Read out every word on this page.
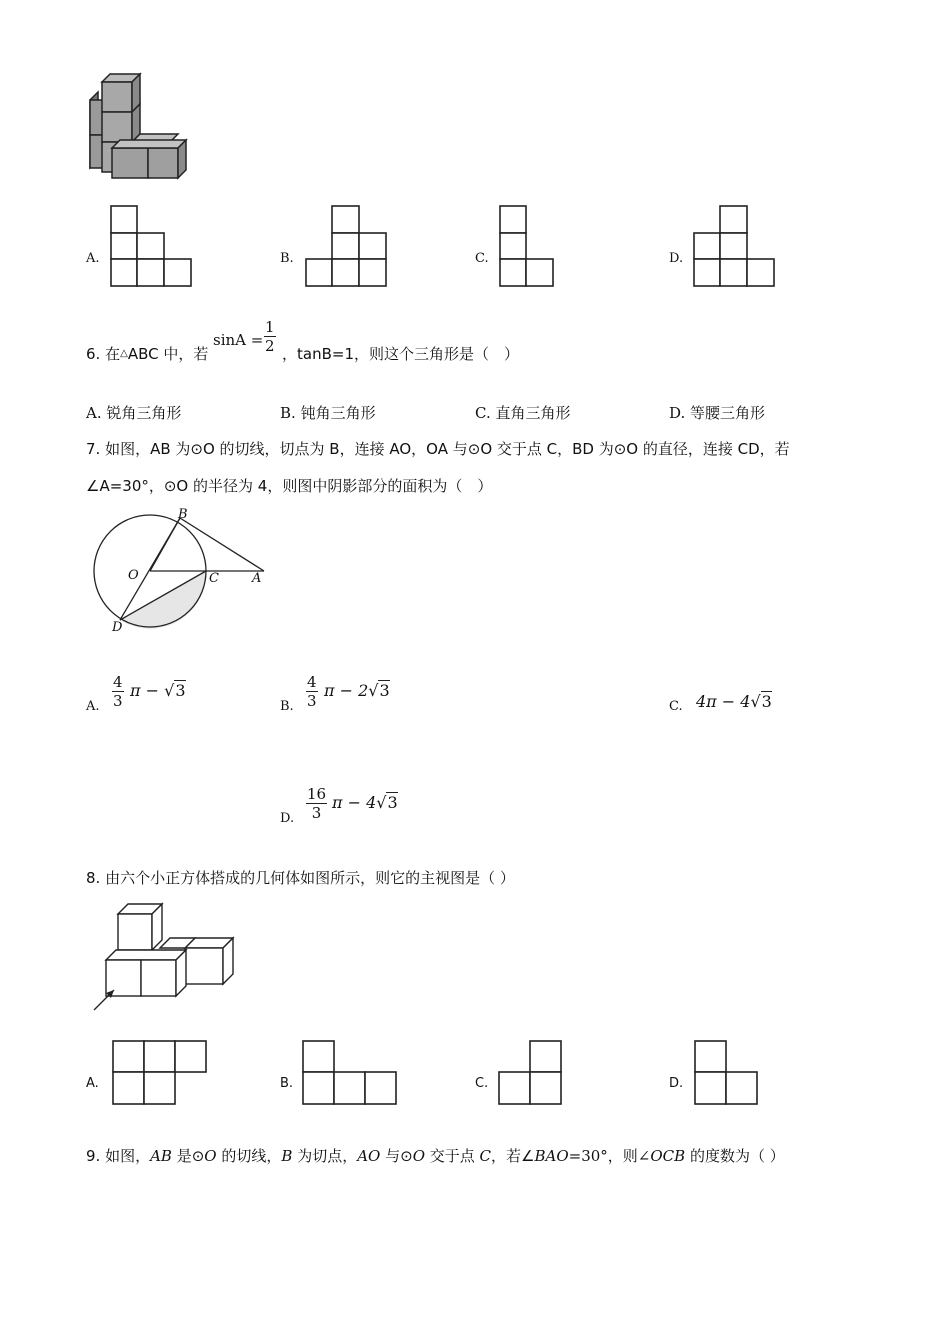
A.	B.	C.	D.
6. 在△ABC 中，若
$\sin A = \frac{1}{2}$ ，tanB=1，则这个三角形是（　）
A. 锐角三角形	B. 钝角三角形	C. 直角三角形	D. 等腰三角形
7. 如图，AB 为⊙O 的切线，切点为 B，连接 AO，OA 与⊙O 交于点 C，BD 为⊙O 的直径，连接 CD，若
∠A=30°，⊙O 的半径为 4，则图中阴影部分的面积为（　）
B
O	C	A
D
A. $\frac{4}{3}$ π − √3
B. $\frac{4}{3}$ π − 2√3
C. 4π − 4√3
D. $\frac{16}{3}$ π − 4√3
8. 由六个小正方体搭成的几何体如图所示，则它的主视图是（ ）
A.	B.	C.	D.
9. 如图，AB 是⊙O 的切线，B 为切点，AO 与⊙O 交于点 C，若∠BAO=30°，则∠OCB 的度数为（ ）
